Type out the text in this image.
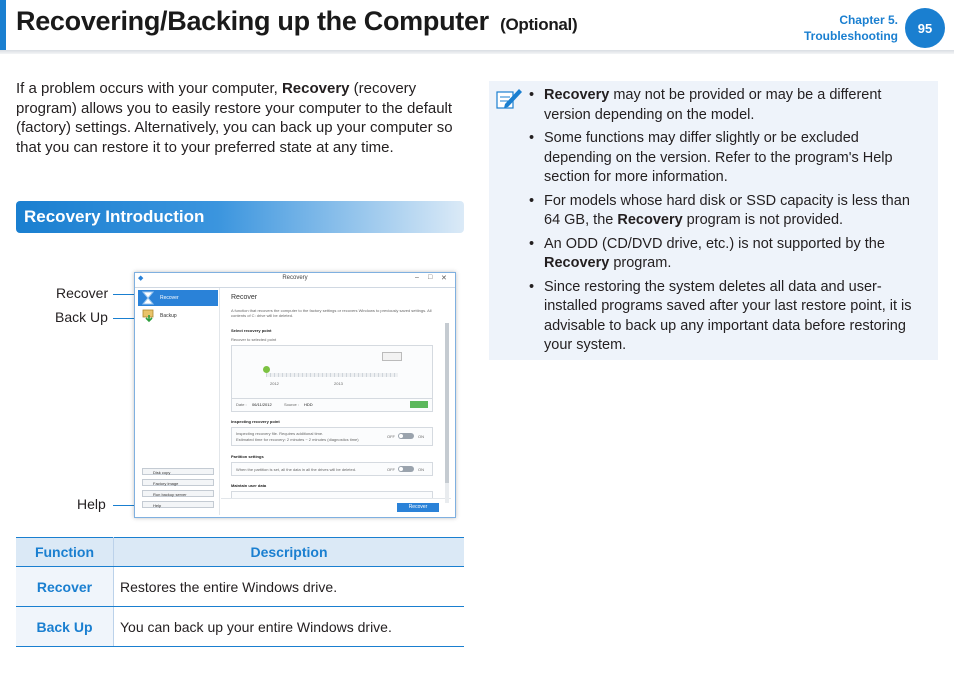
Recovering/Backing up the Computer (Optional)	Chapter 5.
Troubleshooting
95
If a problem occurs with your computer, Recovery (recovery program) allows you to easily restore your computer to the default (factory) settings. Alternatively, you can back up your computer so that you can restore it to your preferred state at any time.
Recovery Introduction
Recover
Back Up
Help
◆	Recovery	– □ ✕
Recover
Backup
Disk copy
Factory image
Run backup server
Help
Recover
A function that recovers the computer to the factory settings or recovers Windows to previously saved settings. All contents of C: drive will be deleted.
Select recovery point
Recover to selected point
2012	2013
Date : 06/11/2012	Source : HDD
Inspecting recovery point
Inspecting recovery file. Requires additional time.
Estimated time for recovery: 2 minutes ~ 2 minutes (diagnostics time)
OFF	ON
Partition settings
When the partition is set, all the data in all the drives will be deleted.	OFF	ON
Maintain user data
Recover
Function	Description
Recover	Restores the entire Windows drive.
Back Up	You can back up your entire Windows drive.
• Recovery may not be provided or may be a different version depending on the model.
• Some functions may differ slightly or be excluded depending on the version. Refer to the program's Help section for more information.
• For models whose hard disk or SSD capacity is less than 64 GB, the Recovery program is not provided.
• An ODD (CD/DVD drive, etc.) is not supported by the Recovery program.
• Since restoring the system deletes all data and user-installed programs saved after your last restore point, it is advisable to back up any important data before restoring your system.
